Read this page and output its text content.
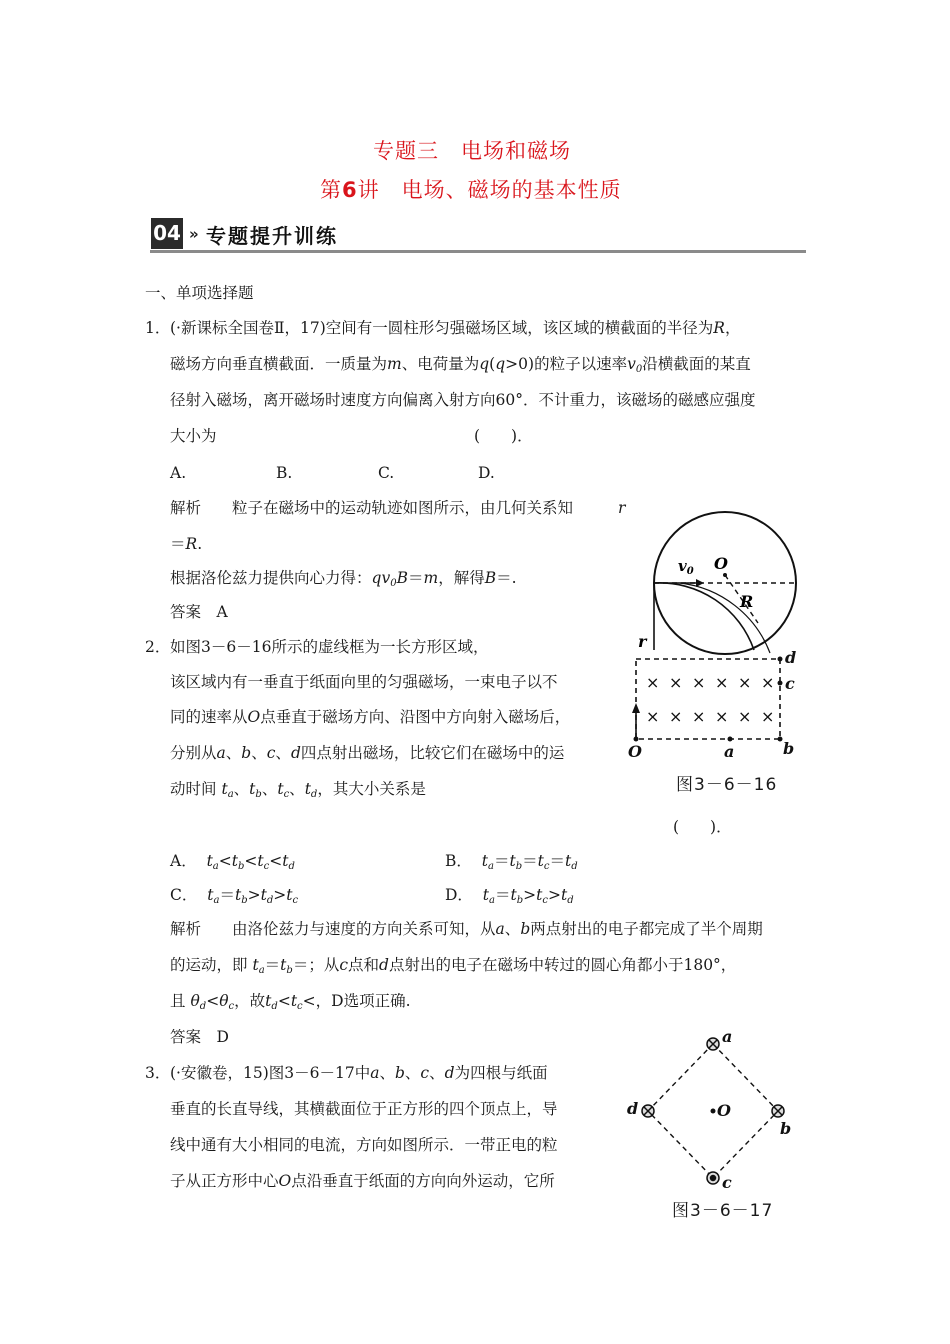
专题三　电场和磁场
第6讲　电场、磁场的基本性质
04 » 专题提升训练
一、单项选择题
1． (·新课标全国卷Ⅱ，17)空间有一圆柱形匀强磁场区域，该区域的横截面的半径为R，
磁场方向垂直横截面．一质量为m、电荷量为q(q>0)的粒子以速率$v_0$沿横截面的某直
径射入磁场，离开磁场时速度方向偏离入射方向60°．不计重力，该磁场的磁感应强度
大小为	(　　)．
A.	B.	C.	D.
解析　　 粒子在磁场中的运动轨迹如图所示，由几何关系知	r
＝R.
根据洛伦兹力提供向心力得：$qv_0B=m$，解得B＝.
答案　 A
$v_0$ O
R
r
2． 如图3－6－16所示的虚线框为一长方形区域，
该区域内有一垂直于纸面向里的匀强磁场，一束电子以不
同的速率从O点垂直于磁场方向、沿图中方向射入磁场后，
分别从a、b、c、d四点射出磁场，比较它们在磁场中的运
动时间 $t_a$、$t_b$、$t_c$、$t_d$，其大小关系是
(　　)．
A． $t_a<t_b<t_c<t_d$	B． $t_a=t_b=t_c=t_d$
C． $t_a=t_b>t_d>t_c$	D． $t_a=t_b>t_c>t_d$
解析　　 由洛伦兹力与速度的方向关系可知，从a、b两点射出的电子都完成了半个周期
的运动，即 $t_a=t_b=$；从c点和d点射出的电子在磁场中转过的圆心角都小于180°，
且 $\theta_d<\theta_c$，故$t_d<t_c<$，D选项正确.
答案　 D
× × × × × ×
× × × × × ×
O	a	b
c
d
图3－6－16
3． (·安徽卷，15)图3－6－17中a、b、c、d为四根与纸面
垂直的长直导线，其横截面位于正方形的四个顶点上，导
线中通有大小相同的电流，方向如图所示．一带正电的粒
子从正方形中心O点沿垂直于纸面的方向向外运动，它所
a
b
c
d	O
图3－6－17
